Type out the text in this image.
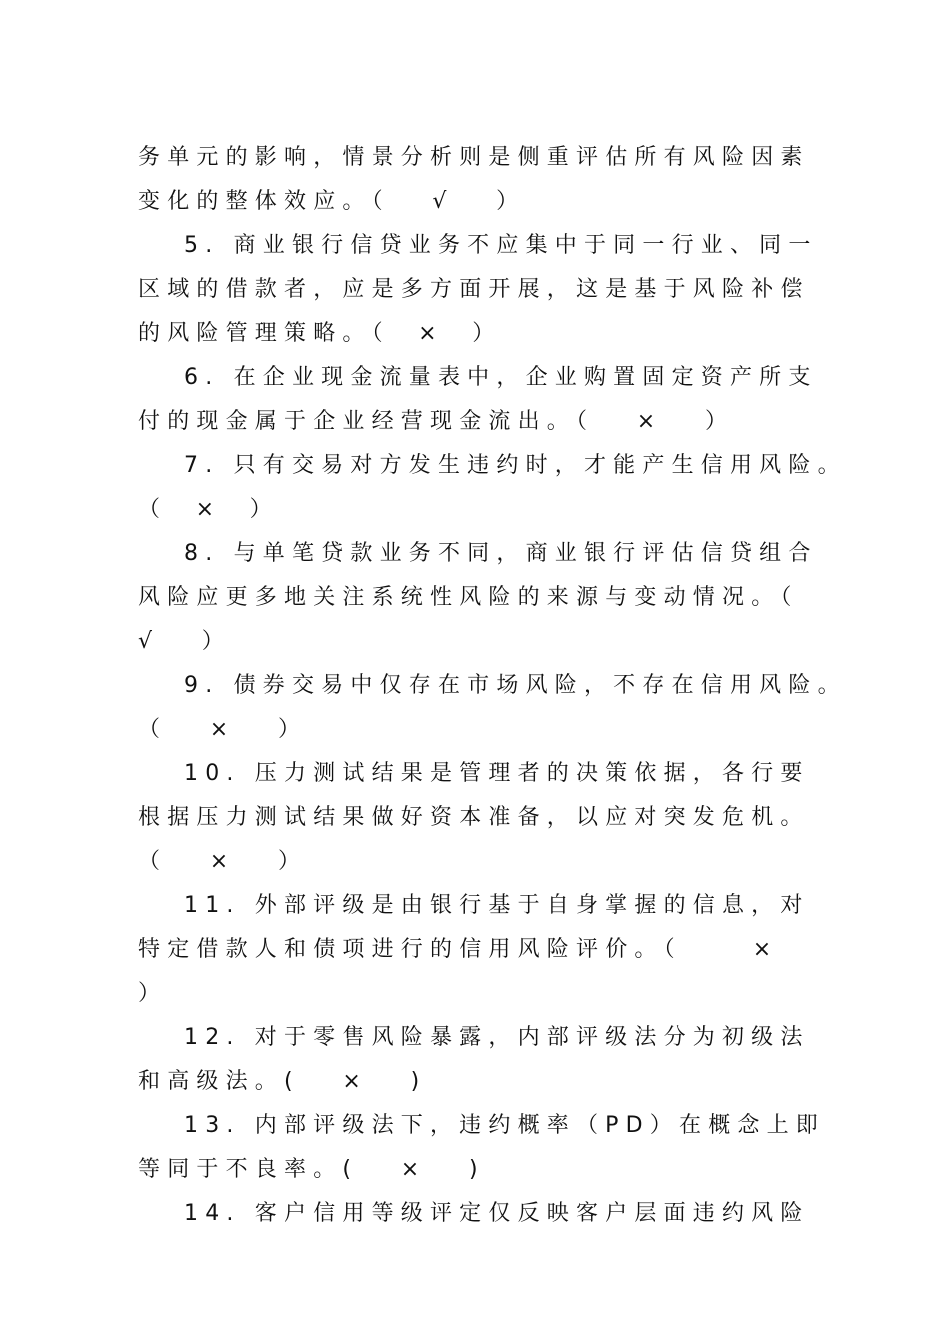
务单元的影响，情景分析则是侧重评估所有风险因素
变化的整体效应。（   √   ）
5. 商业银行信贷业务不应集中于同一行业、同一
区域的借款者，应是多方面开展，这是基于风险补偿
的风险管理策略。（  ×  ）
6. 在企业现金流量表中，企业购置固定资产所支
付的现金属于企业经营现金流出。（   ×   ）
7. 只有交易对方发生违约时，才能产生信用风险。
（  ×  ）
8. 与单笔贷款业务不同，商业银行评估信贷组合
风险应更多地关注系统性风险的来源与变动情况。（
√   ）
9. 债券交易中仅存在市场风险，不存在信用风险。
（   ×   ）
10. 压力测试结果是管理者的决策依据，各行要
根据压力测试结果做好资本准备，以应对突发危机。
（   ×   ）
11. 外部评级是由银行基于自身掌握的信息，对
特定借款人和债项进行的信用风险评价。（     ×
）
12. 对于零售风险暴露，内部评级法分为初级法
和高级法。(   ×   )
13. 内部评级法下，违约概率（PD）在概念上即
等同于不良率。(   ×   )
14. 客户信用等级评定仅反映客户层面违约风险
